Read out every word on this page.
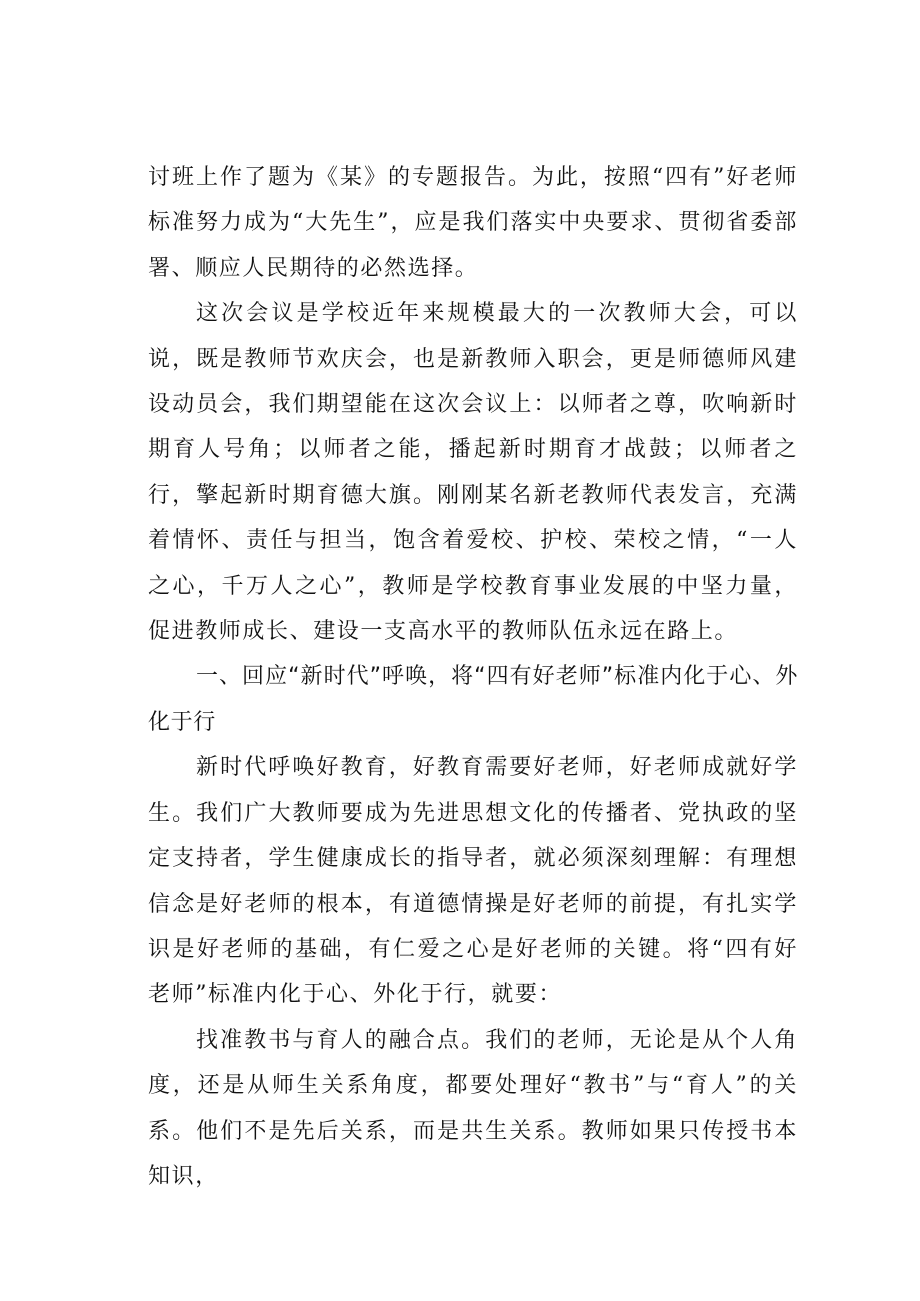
讨班上作了题为《某》的专题报告。为此，按照“四有”好老师标准努力成为“大先生”，应是我们落实中央要求、贯彻省委部署、顺应人民期待的必然选择。

这次会议是学校近年来规模最大的一次教师大会，可以说，既是教师节欢庆会，也是新教师入职会，更是师德师风建设动员会，我们期望能在这次会议上：以师者之尊，吹响新时期育人号角；以师者之能，播起新时期育才战鼓；以师者之行，擎起新时期育德大旗。刚刚某名新老教师代表发言，充满着情怀、责任与担当，饱含着爱校、护校、荣校之情，“一人之心，千万人之心”，教师是学校教育事业发展的中坚力量，促进教师成长、建设一支高水平的教师队伍永远在路上。

一、回应“新时代”呼唤，将“四有好老师”标准内化于心、外化于行

新时代呼唤好教育，好教育需要好老师，好老师成就好学生。我们广大教师要成为先进思想文化的传播者、党执政的坚定支持者，学生健康成长的指导者，就必须深刻理解：有理想信念是好老师的根本，有道德情操是好老师的前提，有扎实学识是好老师的基础，有仁爱之心是好老师的关键。将“四有好老师”标准内化于心、外化于行，就要：

找准教书与育人的融合点。我们的老师，无论是从个人角度，还是从师生关系角度，都要处理好“教书”与“育人”的关系。他们不是先后关系，而是共生关系。教师如果只传授书本知识，
